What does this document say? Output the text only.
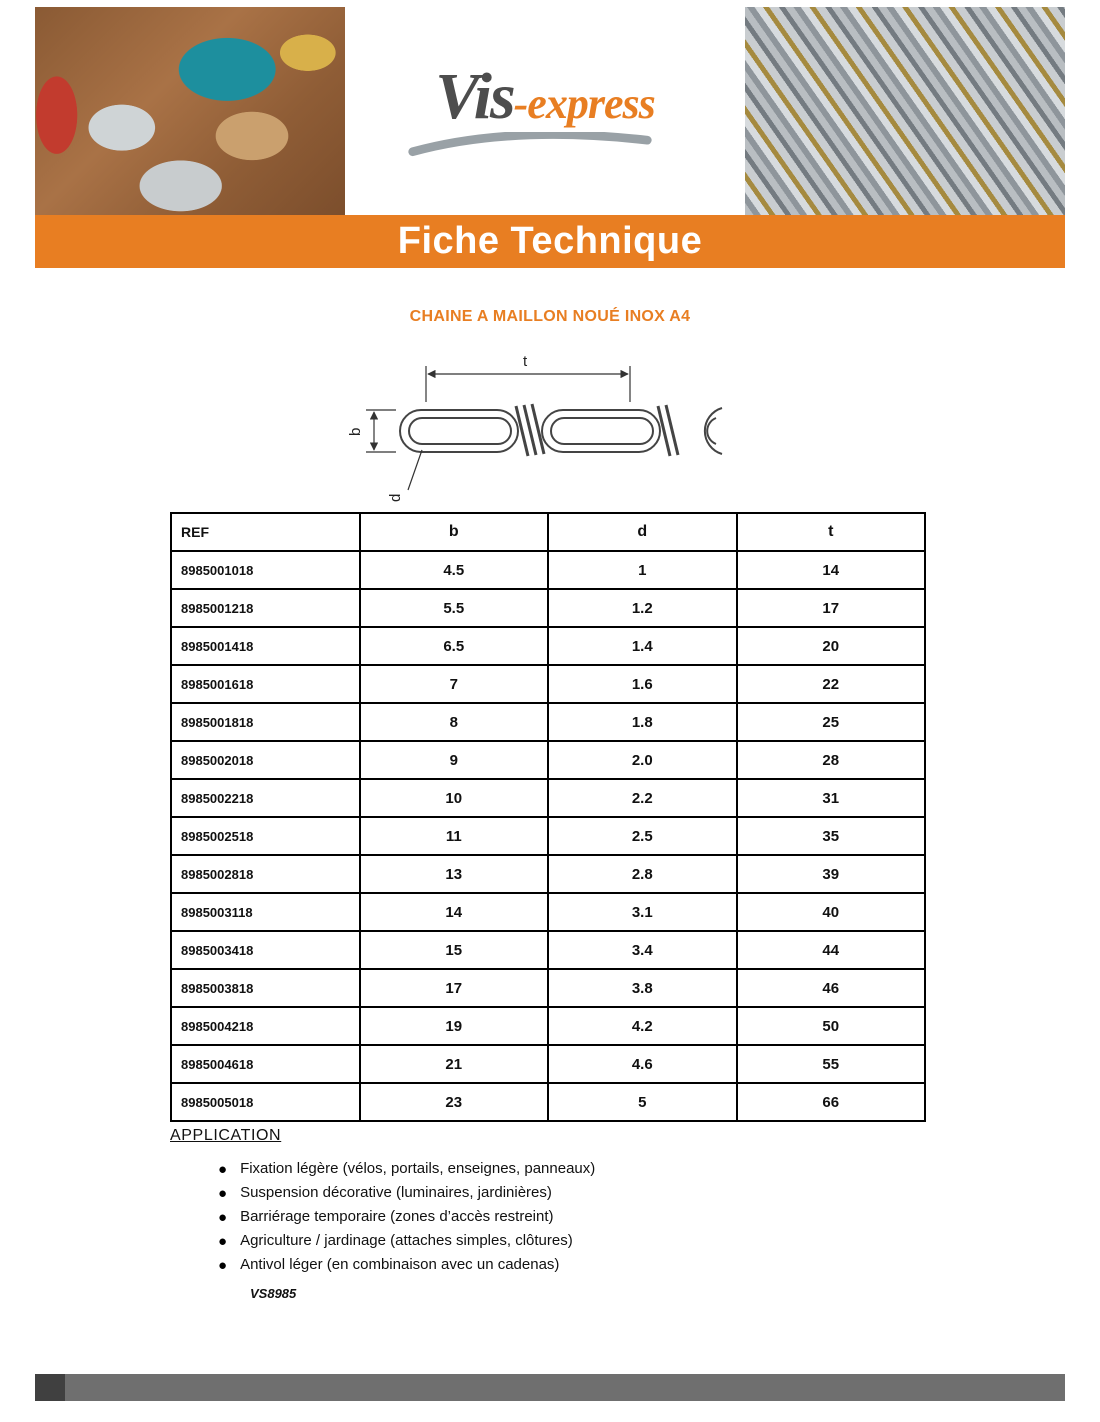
Vis -express
Fiche Technique
CHAINE A MAILLON NOUÉ INOX A4
t
b
d
REF	b	d	t
8985001018	4.5	1	14
8985001218	5.5	1.2	17
8985001418	6.5	1.4	20
8985001618	7	1.6	22
8985001818	8	1.8	25
8985002018	9	2.0	28
8985002218	10	2.2	31
8985002518	11	2.5	35
8985002818	13	2.8	39
8985003118	14	3.1	40
8985003418	15	3.4	44
8985003818	17	3.8	46
8985004218	19	4.2	50
8985004618	21	4.6	55
8985005018	23	5	66
APPLICATION
● Fixation légère (vélos, portails, enseignes, panneaux)
● Suspension décorative (luminaires, jardinières)
● Barriérage temporaire (zones d’accès restreint)
● Agriculture / jardinage (attaches simples, clôtures)
● Antivol léger (en combinaison avec un cadenas)
VS8985
